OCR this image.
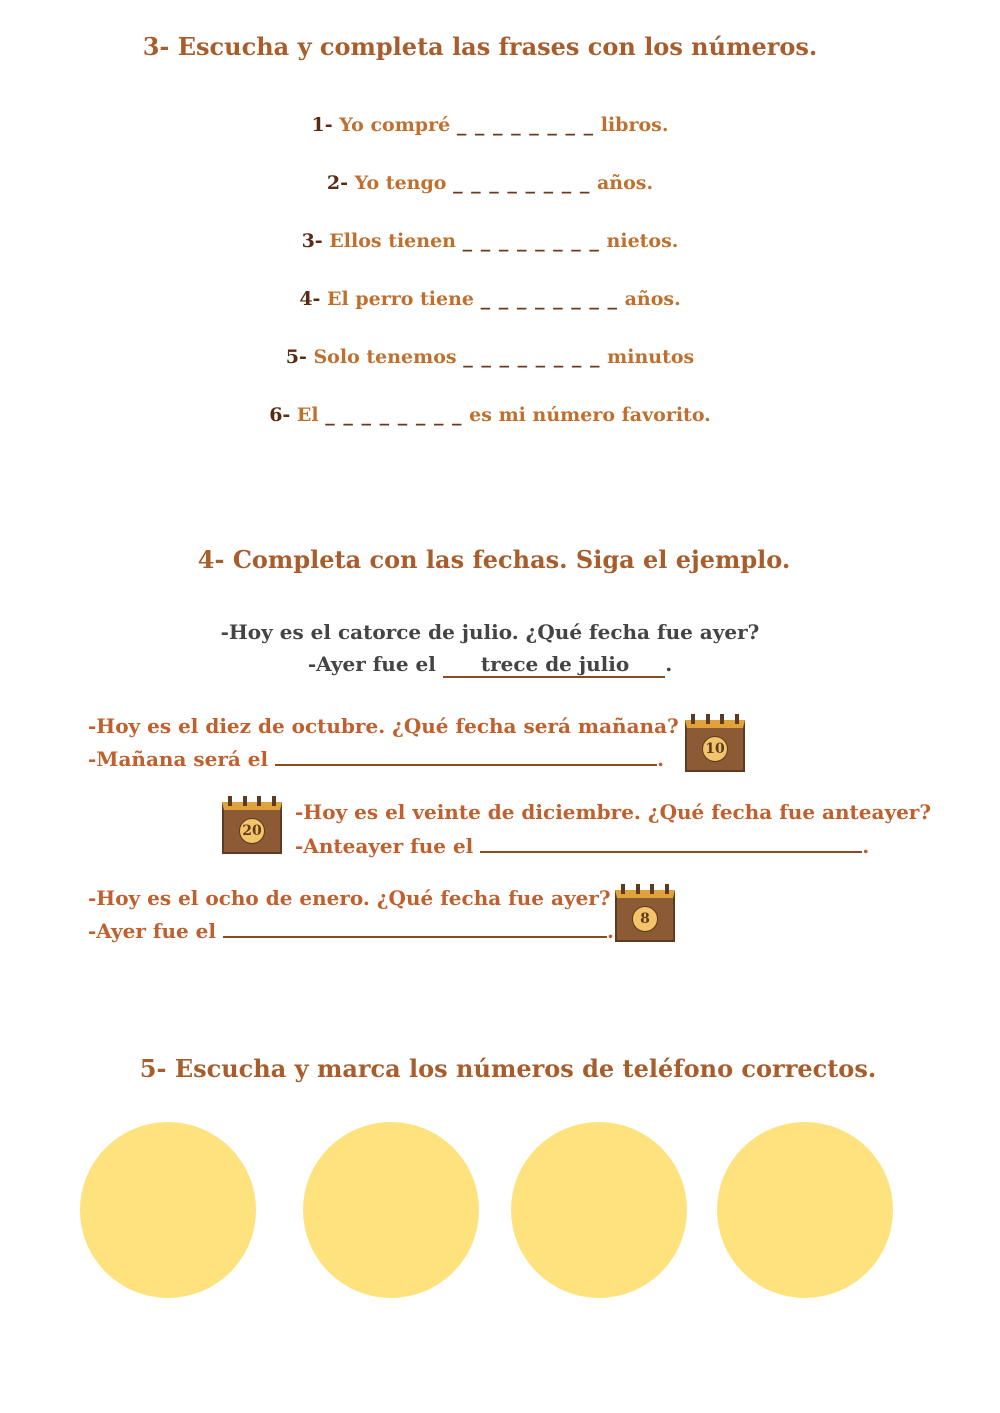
3- Escucha y completa las frases con los números.
1- Yo compré _ _ _ _ _ _ _ _ libros.
2- Yo tengo _ _ _ _ _ _ _ _ años.
3- Ellos tienen _ _ _ _ _ _ _ _ nietos.
4- El perro tiene _ _ _ _ _ _ _ _ años.
5- Solo tenemos _ _ _ _ _ _ _ _ minutos
6- El _ _ _ _ _ _ _ _ es mi número favorito.
4- Completa con las fechas. Siga el ejemplo.
-Hoy es el catorce de julio. ¿Qué fecha fue ayer?
-Ayer fue el trece de julio .
-Hoy es el diez de octubre. ¿Qué fecha será mañana?
-Mañana será el	.	10
20
-Hoy es el veinte de diciembre. ¿Qué fecha fue anteayer?
-Anteayer fue el	.
-Hoy es el ocho de enero. ¿Qué fecha fue ayer?
-Ayer fue el	.	8
5- Escucha y marca los números de teléfono correctos.
